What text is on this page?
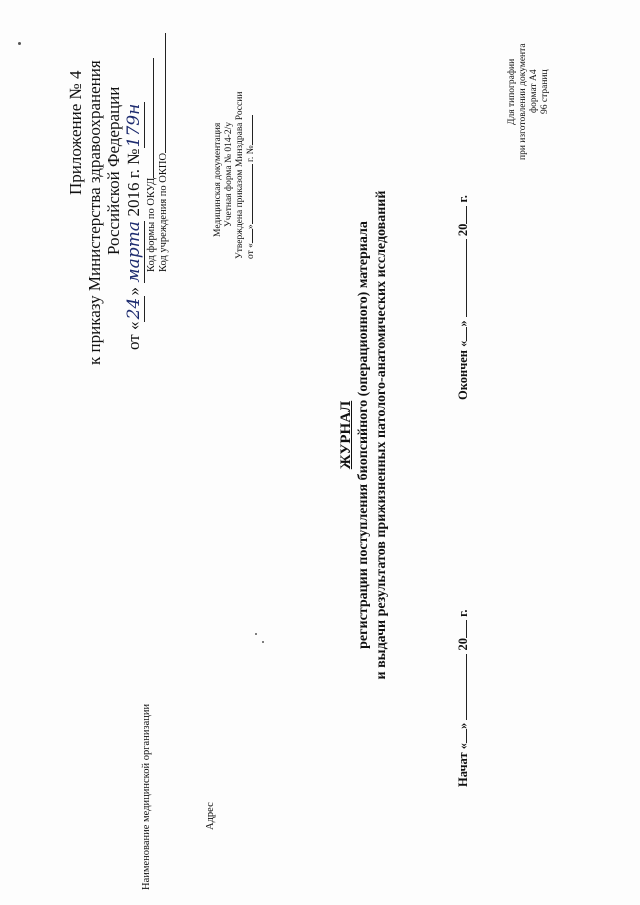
Приложение № 4 к приказу Министерства здравоохранения Российской Федерации
от «24» марта 2016 г. №179н
Код формы по ОКУД Код учреждения по ОКПО	Медицинская документация Учетная форма № 014-2/у Утверждена приказом Минздрава России от «» г. №
Наименование медицинской организации	Адрес
ЖУРНАЛ регистрации поступления биопсийного (операционного) материала и выдачи результатов прижизненных патолого-анатомических исследований
Начат «»  20 г.
Окончен «»  20 г.
Для типографии при изготовлении документа формат А4 96 страниц
